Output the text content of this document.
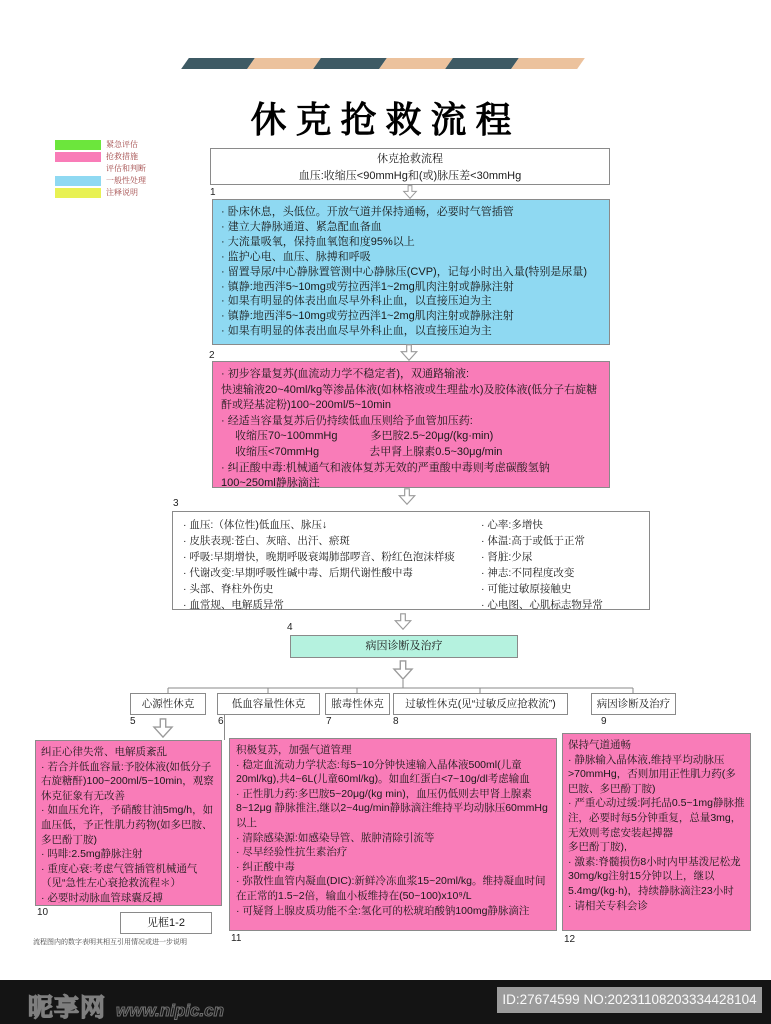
休克抢救流程
紧急评估
抢救措施
评估和判断
一般性处理
注释说明
休克抢救流程
血压:收缩压<90mmHg和(或)脉压差<30mmHg
1
· 卧床休息，头低位。开放气道并保持通畅，必要时气管插管
· 建立大静脉通道、紧急配血备血
· 大流量吸氧，保持血氧饱和度95%以上
· 监护心电、血压、脉搏和呼吸
· 留置导尿/中心静脉置管测中心静脉压(CVP)，记每小时出入量(特别是尿量)
· 镇静:地西泮5~10mg或劳拉西泮1~2mg肌肉注射或静脉注射
· 如果有明显的体表出血尽早外科止血，以直接压迫为主
· 镇静:地西泮5~10mg或劳拉西泮1~2mg肌肉注射或静脉注射
· 如果有明显的体表出血尽早外科止血，以直接压迫为主
2
· 初步容量复苏(血流动力学不稳定者)，双通路输液:
快速输液20~40ml/kg等渗晶体液(如林格液或生理盐水)及胶体液(低分子右旋糖酐或羟基淀粉)100~200ml/5~10min
· 经适当容量复苏后仍持续低血压则给予血管加压药:
　 收缩压70~100mmHg　　　多巴胺2.5~20μg/(kg·min)
　 收缩压<70mmHg　　　　  去甲肾上腺素0.5~30μg/min
· 纠正酸中毒:机械通气和液体复苏无效的严重酸中毒则考虑碳酸氢钠100~250ml静脉滴注
3
· 血压:（体位性)低血压、脉压↓
· 皮肤表现:苍白、灰暗、出汗、瘀斑
· 呼吸:早期增快，晚期呼吸衰竭肺部啰音、粉红色泡沫样痰
· 代谢改变:早期呼吸性碱中毒、后期代谢性酸中毒
· 头部、脊柱外伤史
· 血常规、电解质异常
· 心率:多增快
· 体温:高于或低于正常
· 肾脏:少尿
· 神志:不同程度改变
· 可能过敏原接触史
· 心电图、心肌标志物异常
4
病因诊断及治疗
心源性休克	低血容量性休克	脓毒性休克	过敏性休克(见“过敏反应抢救流”)	病因诊断及治疗
5	6	7	8	9
纠正心律失常、电解质紊乱
· 若合并低血容量:予胶体液(如低分子右旋糖酐)100~200ml/5~10min，观察休克征象有无改善
· 如血压允许，予硝酸甘油5mg/h，如血压低，予正性肌力药物(如多巴胺、多巴酚丁胺)
· 吗啡:2.5mg静脉注射
· 重度心衰:考虑气管插管机械通气（见“急性左心衰抢救流程＊）
· 必要时动脉血管球囊反搏
10
见框1-2
流程图内的数字表明其相互引用情况或进一步说明
积极复苏，加强气道管理
· 稳定血流动力学状态:每5~10分钟快速输入晶体液500ml(儿童20ml/kg),共4~6L(儿童60ml/kg)。如血红蛋白<7~10g/dl考虑输血
· 正性肌力药:多巴胺5~20μg/(kg min)，血压仍低则去甲肾上腺素8~12μg 静脉推注,继以2~4ug/min静脉滴注维持平均动脉压60mmHg以上
· 清除感染源:如感染导管、脓肿清除引流等
· 尽早经验性抗生素治疗
· 纠正酸中毒
· 弥散性血管内凝血(DIC):新鲜冷冻血浆15~20ml/kg。维持凝血时间在正常的1.5~2倍，输血小板维持在(50~100)x10⁹/L
· 可疑肾上腺皮质功能不全:氢化可的松琥珀酸钠100mg静脉滴注
11
保持气道通畅
· 静脉输入晶体液,维持平均动脉压>70mmHg，否则加用正性肌力药(多巴胺、多巴酚丁胺)
· 严重心动过缓:阿托品0.5~1mg静脉推注，必要时每5分钟重复，总量3mg，无效则考虑安装起搏器
多巴酚丁胺),
· 激素:脊髓损伤8小时内甲基泼尼松龙30mg/kg注射15分钟以上，继以5.4mg/(kg·h)，持续静脉滴注23小时
· 请相关专科会诊
12
昵享网 www.nipic.cn
ID:27674599 NO:20231108203334428104
